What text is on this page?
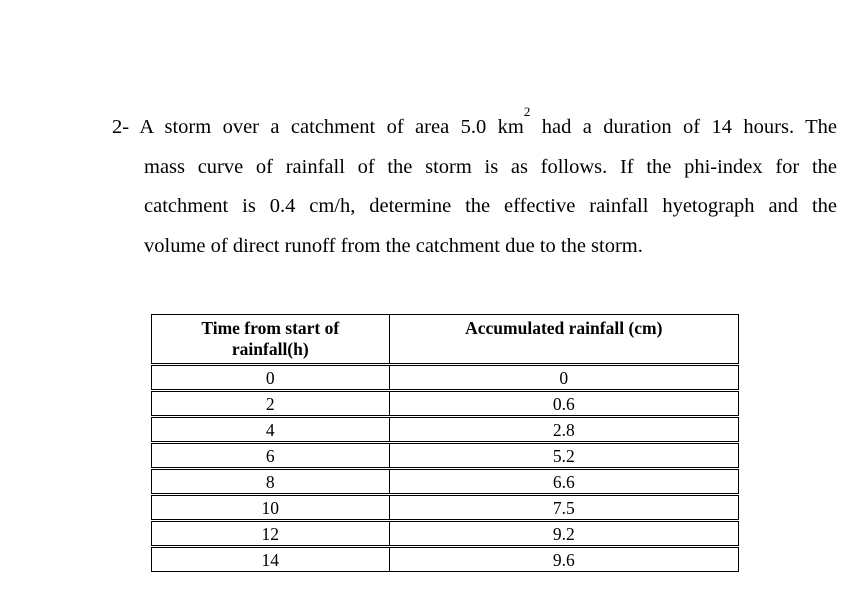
2- A storm over a catchment of area 5.0 $km^2$ had a duration of 14 hours. The
mass curve of rainfall of the storm is as follows. If the phi-index for the
catchment is 0.4 cm/h, determine the effective rainfall hyetograph and the
volume of direct runoff from the catchment due to the storm.
Time from start of
rainfall(h)	Accumulated rainfall (cm)
0	0
2	0.6
4	2.8
6	5.2
8	6.6
10	7.5
12	9.2
14	9.6
